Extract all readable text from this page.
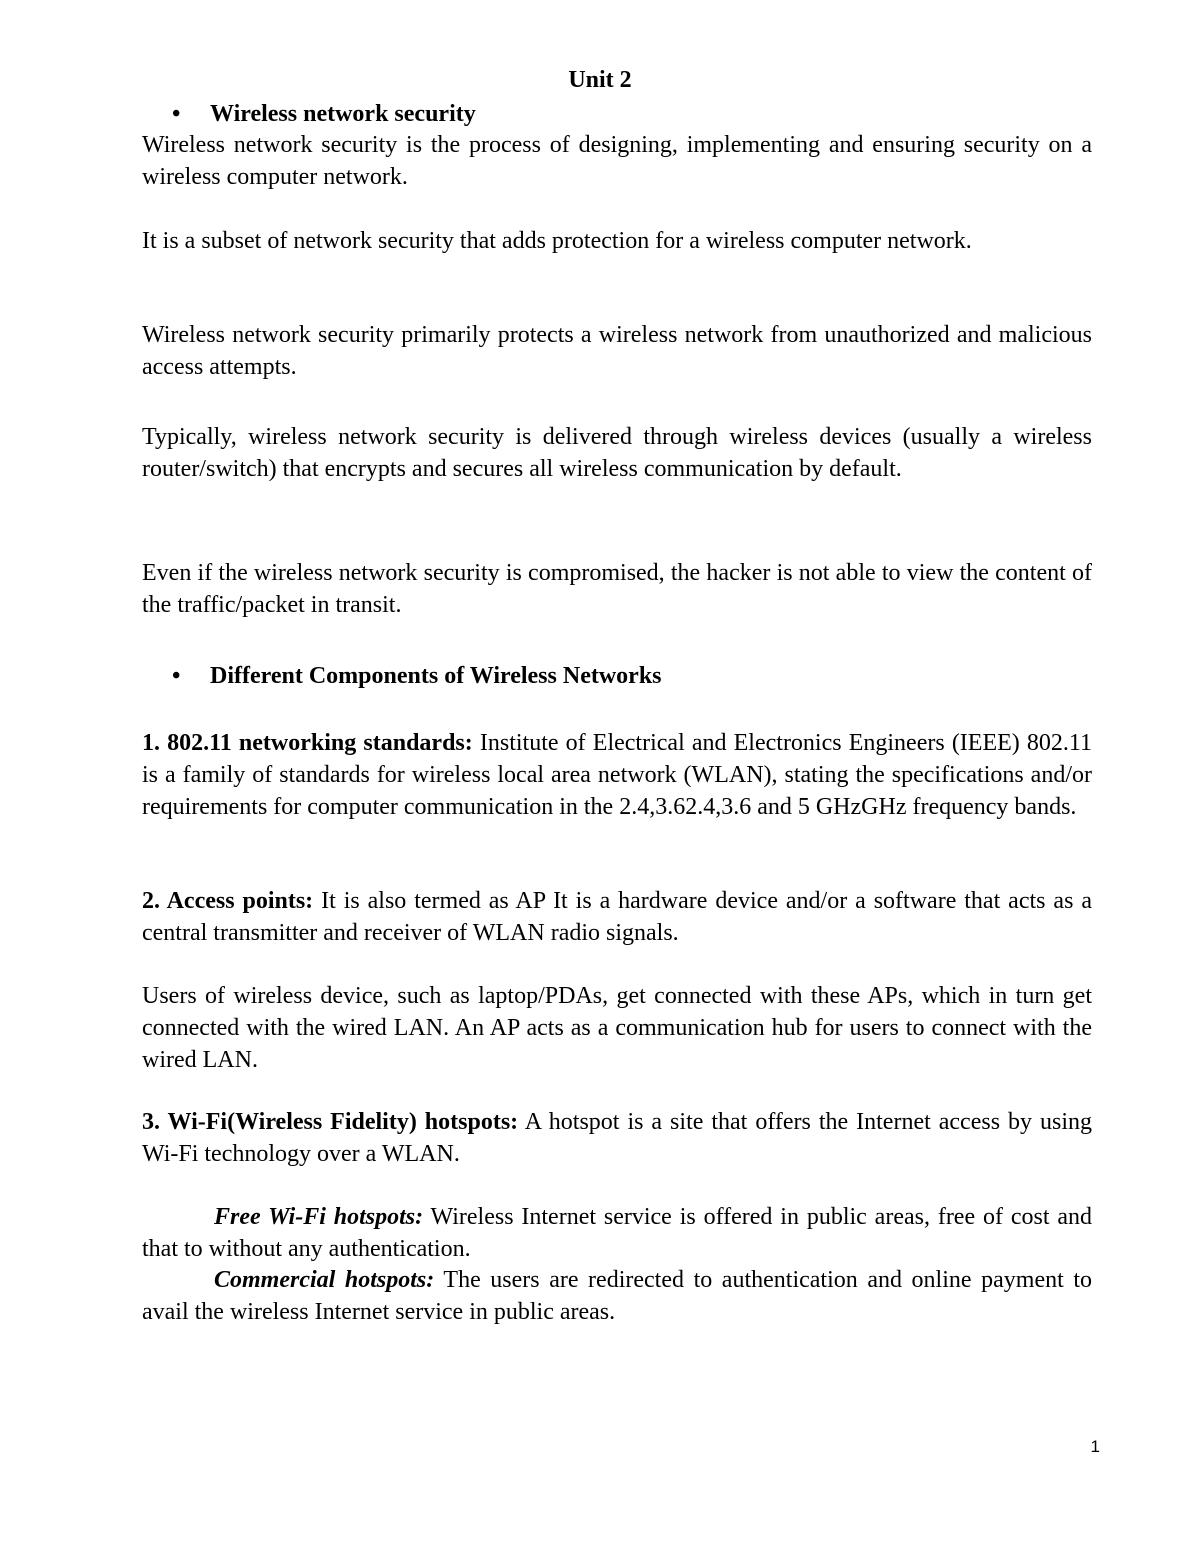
Unit 2
• Wireless network security
Wireless network security is the process of designing, implementing and ensuring security on a wireless computer network.
It is a subset of network security that adds protection for a wireless computer network.
Wireless network security primarily protects a wireless network from unauthorized and malicious access attempts.
Typically, wireless network security is delivered through wireless devices (usually a wireless router/switch) that encrypts and secures all wireless communication by default.
Even if the wireless network security is compromised, the hacker is not able to view the content of the traffic/packet in transit.
• Different Components of Wireless Networks
1. 802.11 networking standards: Institute of Electrical and Electronics Engineers (IEEE) 802.11 is a family of standards for wireless local area network (WLAN), stating the specifications and/or requirements for computer communication in the 2.4,3.62.4,3.6 and 5 GHzGHz frequency bands.
2. Access points: It is also termed as AP It is a hardware device and/or a software that acts as a central transmitter and receiver of WLAN radio signals.
Users of wireless device, such as laptop/PDAs, get connected with these APs, which in turn get connected with the wired LAN. An AP acts as a communication hub for users to connect with the wired LAN.
3. Wi-Fi(Wireless Fidelity) hotspots: A hotspot is a site that offers the Internet access by using Wi-Fi technology over a WLAN.
Free Wi-Fi hotspots: Wireless Internet service is offered in public areas, free of cost and that to without any authentication.
Commercial hotspots: The users are redirected to authentication and online payment to avail the wireless Internet service in public areas.
1
